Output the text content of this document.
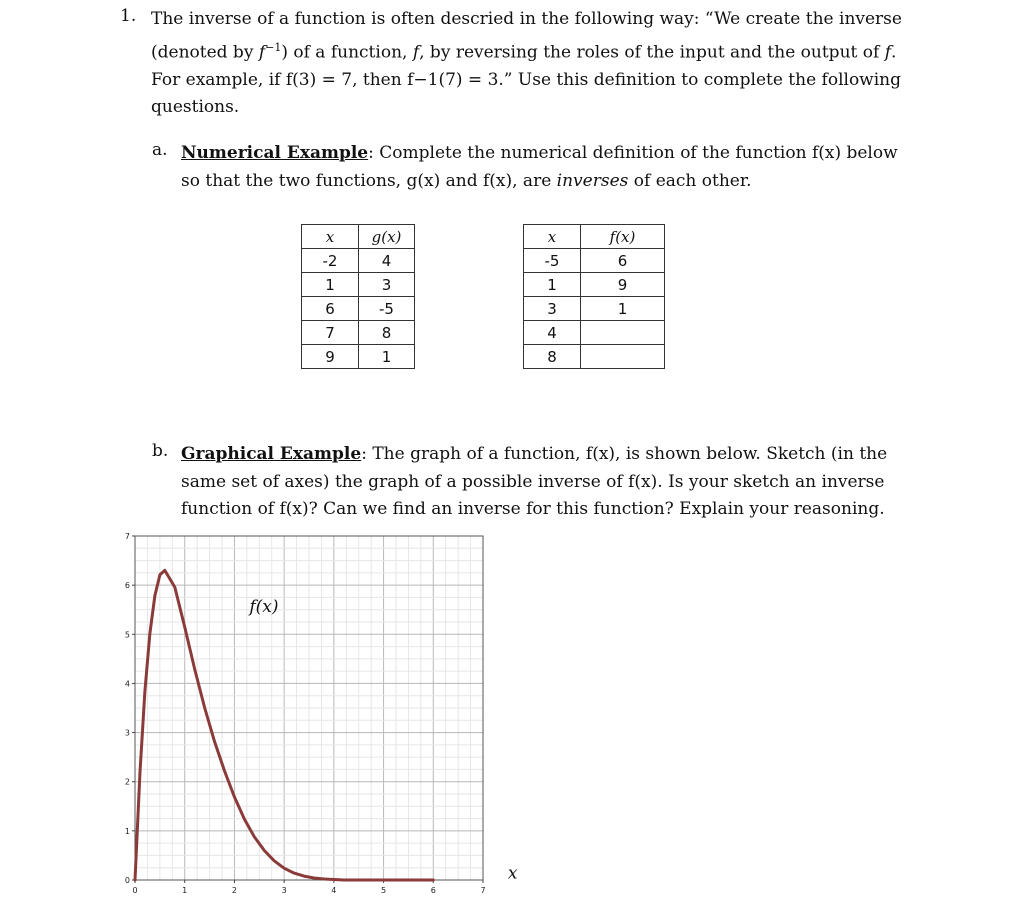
1. The inverse of a function is often descried in the following way: “We create the inverse
(denoted by $f^{-1}$) of a function, f, by reversing the roles of the input and the output of f.
For example, if f(3) = 7, then f−1(7) = 3.” Use this definition to complete the following
questions.
a. Numerical Example: Complete the numerical definition of the function f(x) below
so that the two functions, g(x) and f(x), are inverses of each other.
x	g(x)
-2	4
1	3
6	-5
7	8
9	1
x	f(x)
-5	6
1	9
3	1
4	
8	
b. Graphical Example: The graph of a function, f(x), is shown below. Sketch (in the
same set of axes) the graph of a possible inverse of f(x). Is your sketch an inverse
function of f(x)? Can we find an inverse for this function? Explain your reasoning.
0	1	2	3	4	5	6	7
0
1
2
3
4
5
6
7
f(x)
x
